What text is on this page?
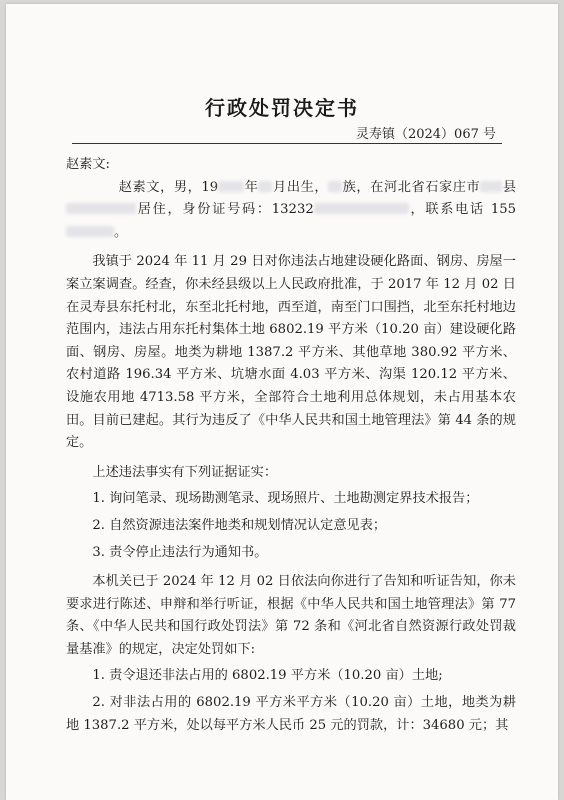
行政处罚决定书
灵寿镇（2024）067 号

赵素文:

赵素文，男，19 年 月出生， 族，在河北省石家庄市 县居住，身份证号码：13232	，联系电话 155。

我镇于 2024 年 11 月 29 日对你违法占地建设硬化路面、钢房、房屋一案立案调查。经查，你未经县级以上人民政府批准，于 2017 年 12 月 02 日在灵寿县东托村北，东至北托村地，西至道，南至门口围挡，北至东托村地边范围内，违法占用东托村集体土地 6802.19 平方米（10.20 亩）建设硬化路面、钢房、房屋。地类为耕地 1387.2 平方米、其他草地 380.92 平方米、农村道路 196.34 平方米、坑塘水面 4.03 平方米、沟渠 120.12 平方米、设施农用地 4713.58 平方米，全部符合土地利用总体规划，未占用基本农田。目前已建起。其行为违反了《中华人民共和国土地管理法》第 44 条的规定。

上述违法事实有下列证据证实：

1. 询问笔录、现场勘测笔录、现场照片、土地勘测定界技术报告；

2. 自然资源违法案件地类和规划情况认定意见表；

3. 责令停止违法行为通知书。

本机关已于 2024 年 12 月 02 日依法向你进行了告知和听证告知，你未要求进行陈述、申辩和举行听证，根据《中华人民共和国土地管理法》第 77 条、《中华人民共和国行政处罚法》第 72 条和《河北省自然资源行政处罚裁量基准》的规定，决定处罚如下:

1. 责令退还非法占用的 6802.19 平方米（10.20 亩）土地;

2. 对非法占用的 6802.19 平方米平方米（10.20 亩）土地，地类为耕地 1387.2 平方米，处以每平方米人民币 25 元的罚款，计：34680 元；其
